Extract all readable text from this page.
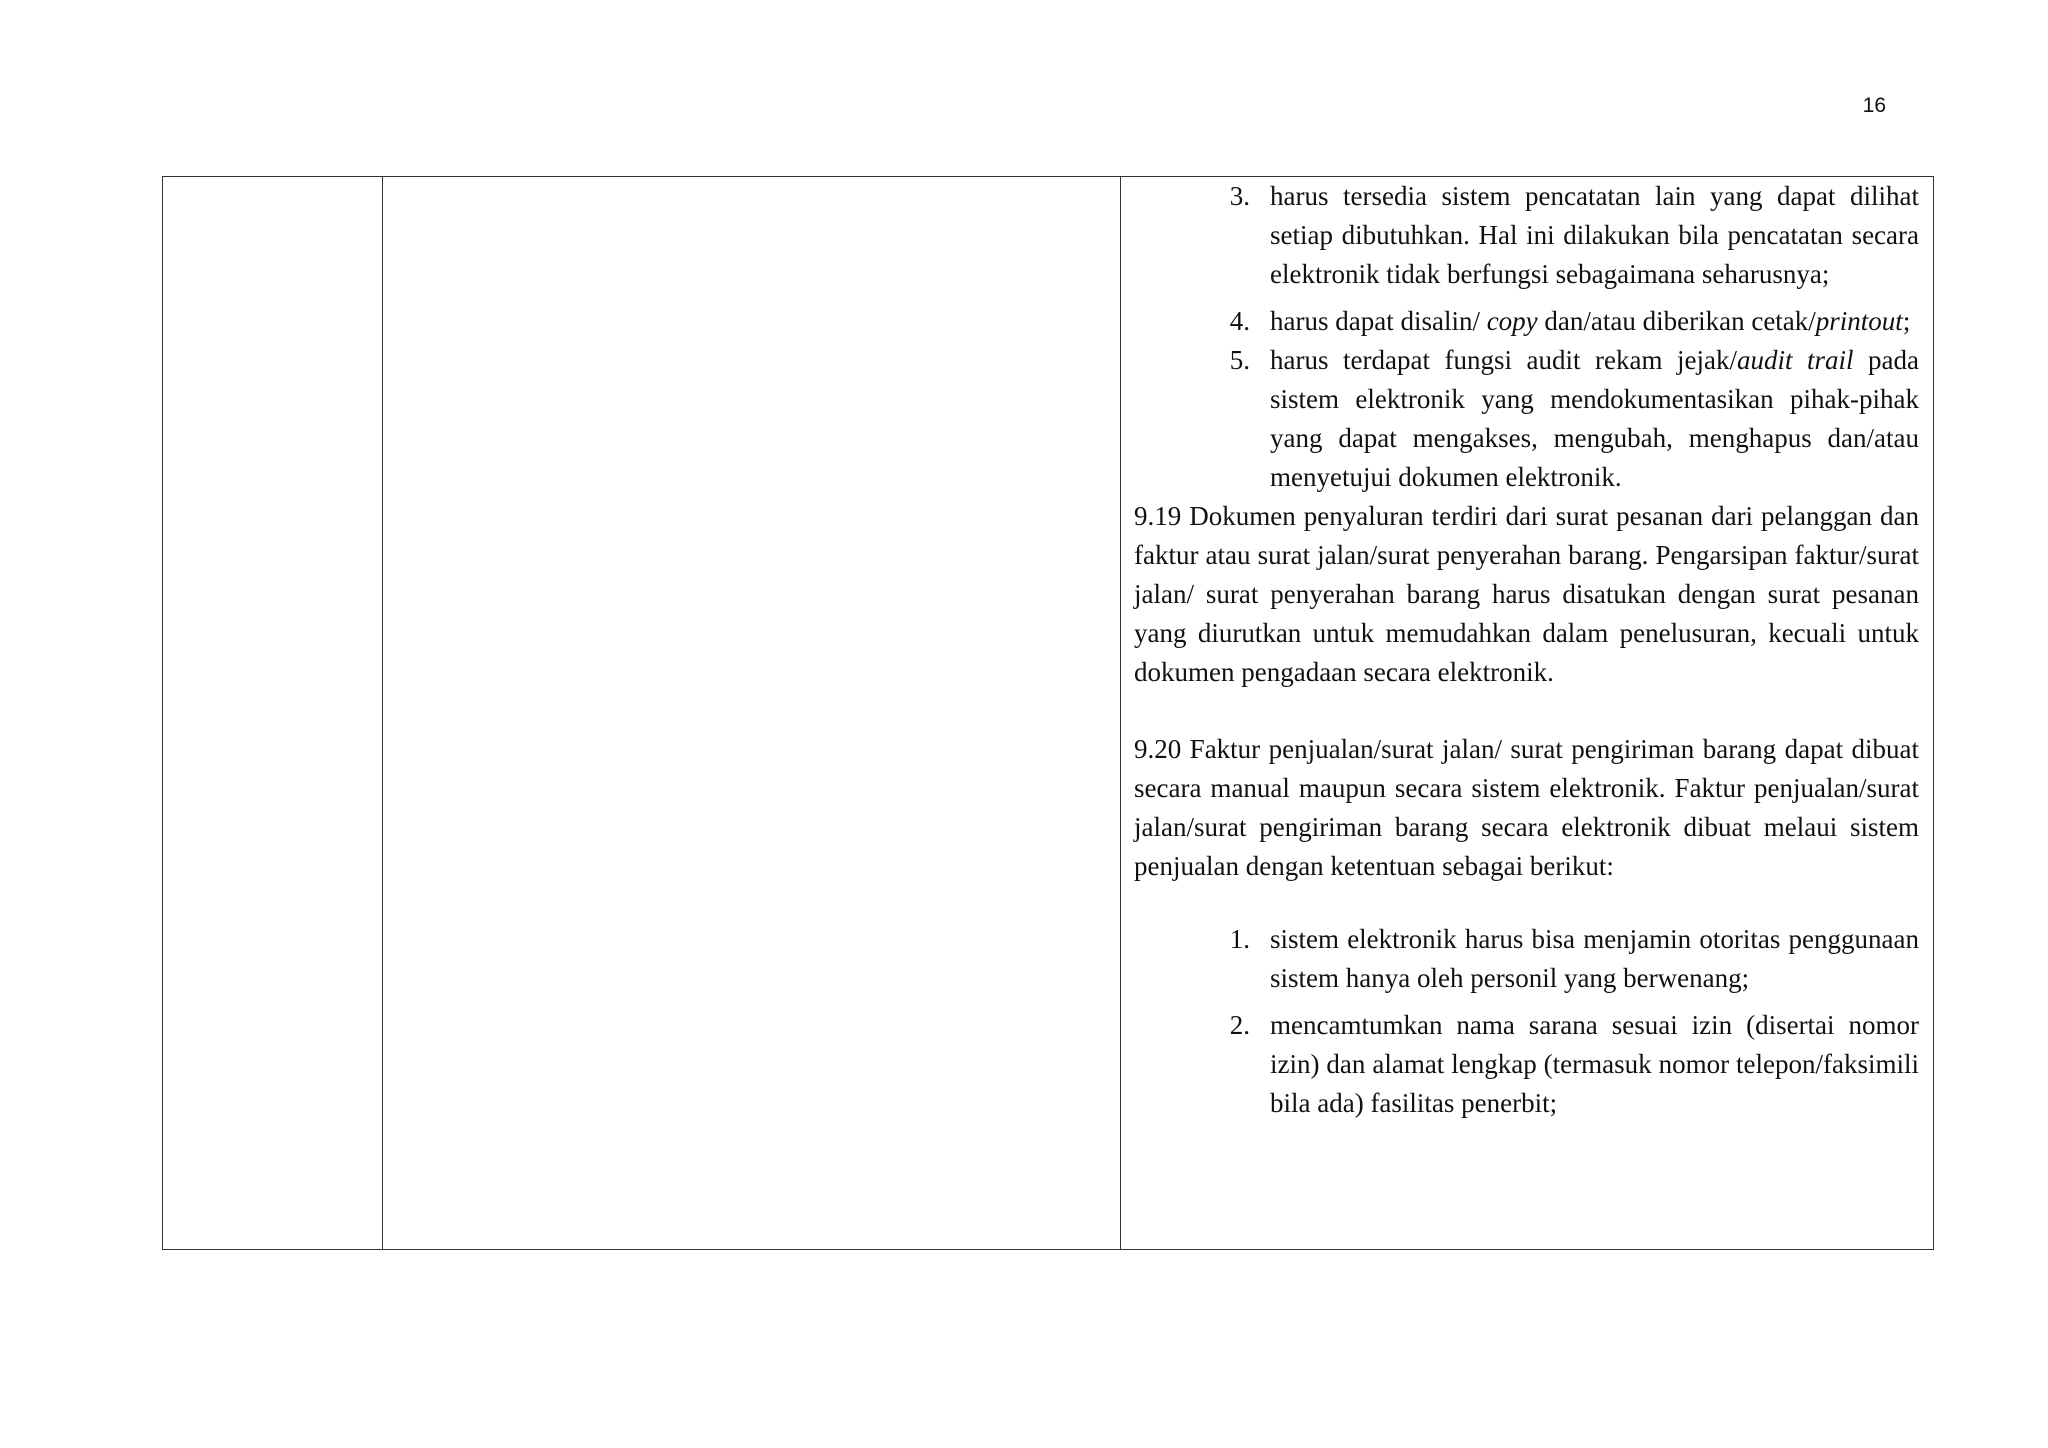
16
3. harus tersedia sistem pencatatan lain yang dapat dilihat setiap dibutuhkan. Hal ini dilakukan bila pencatatan secara elektronik tidak berfungsi sebagaimana seharusnya;
4. harus dapat disalin/ copy dan/atau diberikan cetak/printout;
5. harus terdapat fungsi audit rekam jejak/audit trail pada sistem elektronik yang mendokumentasikan pihak-pihak yang dapat mengakses, mengubah, menghapus dan/atau menyetujui dokumen elektronik.

9.19 Dokumen penyaluran terdiri dari surat pesanan dari pelanggan dan faktur atau surat jalan/surat penyerahan barang. Pengarsipan faktur/surat jalan/ surat penyerahan barang harus disatukan dengan surat pesanan yang diurutkan untuk memudahkan dalam penelusuran, kecuali untuk dokumen pengadaan secara elektronik.

9.20 Faktur penjualan/surat jalan/ surat pengiriman barang dapat dibuat secara manual maupun secara sistem elektronik. Faktur penjualan/surat jalan/surat pengiriman barang secara elektronik dibuat melaui sistem penjualan dengan ketentuan sebagai berikut:

1. sistem elektronik harus bisa menjamin otoritas penggunaan sistem hanya oleh personil yang berwenang;
2. mencamtumkan nama sarana sesuai izin (disertai nomor izin) dan alamat lengkap (termasuk nomor telepon/faksimili bila ada) fasilitas penerbit;
